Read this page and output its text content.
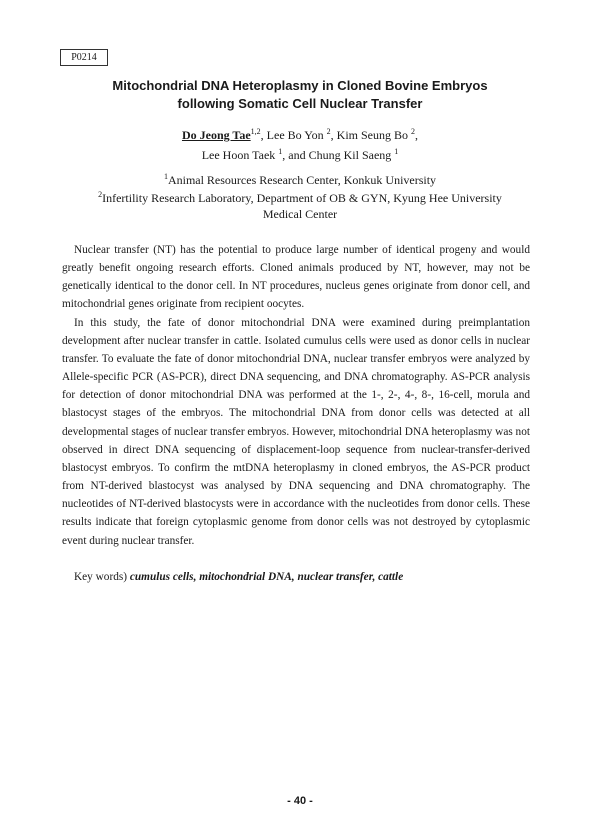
P0214
Mitochondrial DNA Heteroplasmy in Cloned Bovine Embryos
following Somatic Cell Nuclear Transfer
Do Jeong Tae$^{1,2}$, Lee Bo Yon $^2$, Kim Seung Bo $^2$,
Lee Hoon Taek $^1$, and Chung Kil Saeng $^1$
$^1$Animal Resources Research Center, Konkuk University
$^2$Infertility Research Laboratory, Department of OB & GYN, Kyung Hee University
Medical Center

Nuclear transfer (NT) has the potential to produce large number of identical progeny and would greatly benefit ongoing research efforts. Cloned animals produced by NT, however, may not be genetically identical to the donor cell. In NT procedures, nucleus genes originate from donor cell, and mitochondrial genes originate from recipient oocytes.

In this study, the fate of donor mitochondrial DNA were examined during preimplantation development after nuclear transfer in cattle. Isolated cumulus cells were used as donor cells in nuclear transfer. To evaluate the fate of donor mitochondrial DNA, nuclear transfer embryos were analyzed by Allele-specific PCR (AS-PCR), direct DNA sequencing, and DNA chromatography. AS-PCR analysis for detection of donor mitochondrial DNA was performed at the 1-, 2-, 4-, 8-, 16-cell, morula and blastocyst stages of the embryos. The mitochondrial DNA from donor cells was detected at all developmental stages of nuclear transfer embryos. However, mitochondrial DNA heteroplasmy was not observed in direct DNA sequencing of displacement-loop sequence from nuclear-transfer-derived blastocyst embryos. To confirm the mtDNA heteroplasmy in cloned embryos, the AS-PCR product from NT-derived blastocyst was analysed by DNA sequencing and DNA chromatography. The nucleotides of NT-derived blastocysts were in accordance with the nucleotides from donor cells. These results indicate that foreign cytoplasmic genome from donor cells was not destroyed by cytoplasmic event during nuclear transfer.

Key words) cumulus cells, mitochondrial DNA, nuclear transfer, cattle
- 40 -
